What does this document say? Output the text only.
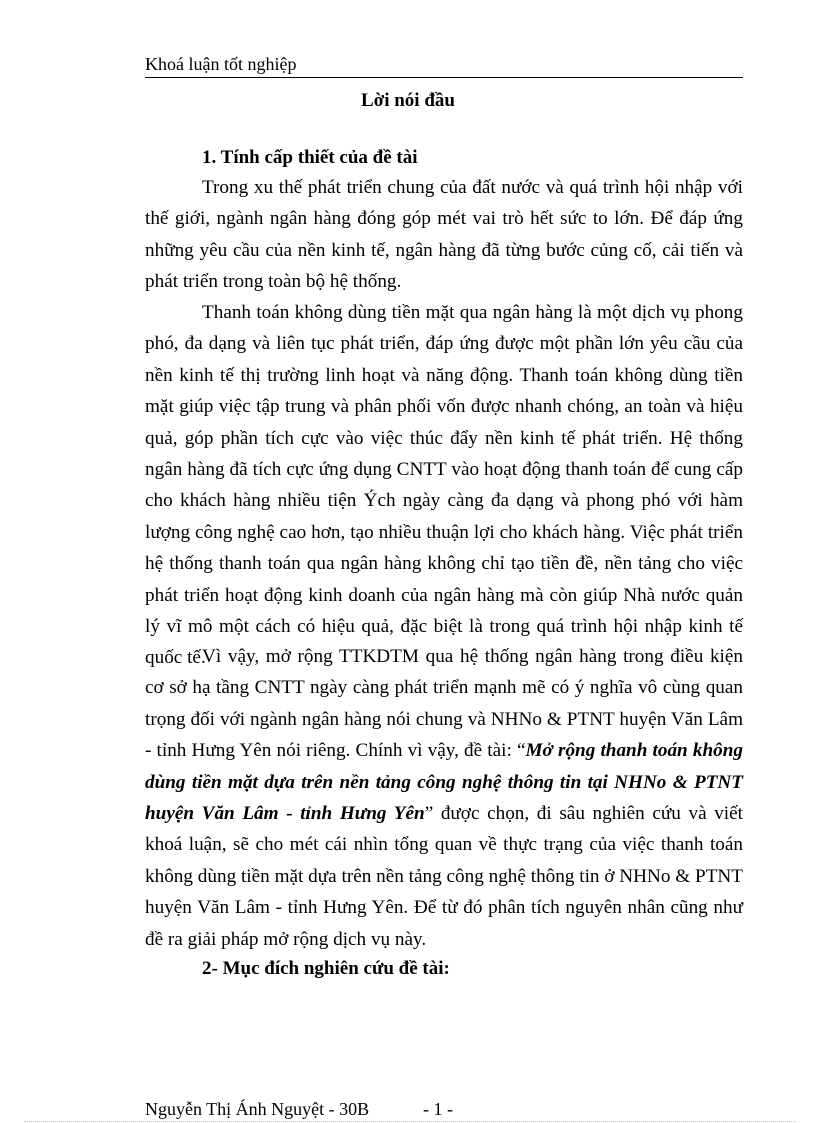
Khoá luận tốt nghiệp
Lời nói đầu
1. Tính cấp thiết của đề tài

Trong xu thế phát triển chung của đất nước và quá trình hội nhập với thế giới, ngành ngân hàng đóng góp mét vai trò hết sức to lớn. Để đáp ứng những yêu cầu của nền kinh tế, ngân hàng đã từng bước củng cố, cải tiến và phát triển trong toàn bộ hệ thống.

Thanh toán không dùng tiền mặt qua ngân hàng là một dịch vụ phong phó, đa dạng và liên tục phát triển, đáp ứng được một phần lớn yêu cầu của nền kinh tế thị trường linh hoạt và năng động. Thanh toán không dùng tiền mặt giúp việc tập trung và phân phối vốn được nhanh chóng, an toàn và hiệu quả, góp phần tích cực vào việc thúc đẩy nền kinh tế phát triển. Hệ thống ngân hàng đã tích cực ứng dụng CNTT vào hoạt động thanh toán để cung cấp cho khách hàng nhiều tiện Ých ngày càng đa dạng và phong phó với hàm lượng công nghệ cao hơn, tạo nhiều thuận lợi cho khách hàng. Việc phát triển hệ thống thanh toán qua ngân hàng không chỉ tạo tiền đề, nền tảng cho việc phát triển hoạt động kinh doanh của ngân hàng mà còn giúp Nhà nước quản lý vĩ mô một cách có hiệu quả, đặc biệt là trong quá trình hội nhập kinh tế quốc tế.

Vì vậy, mở rộng TTKDTM qua hệ thống ngân hàng trong điều kiện cơ sở hạ tầng CNTT ngày càng phát triển mạnh mẽ có ý nghĩa vô cùng quan trọng đối với ngành ngân hàng nói chung và NHNo & PTNT huyện Văn Lâm - tỉnh Hưng Yên nói riêng. Chính vì vậy, đề tài: “Mở rộng thanh toán không dùng tiền mặt dựa trên nền tảng công nghệ thông tin tại NHNo & PTNT huyện Văn Lâm - tỉnh Hưng Yên” được chọn, đi sâu nghiên cứu và viết khoá luận, sẽ cho mét cái nhìn tổng quan về thực trạng của việc thanh toán không dùng tiền mặt dựa trên nền tảng công nghệ thông tin ở NHNo & PTNT huyện Văn Lâm - tỉnh Hưng Yên. Để từ đó phân tích nguyên nhân cũng như đề ra giải pháp mở rộng dịch vụ này.

2- Mục đích nghiên cứu đề tài:
Nguyễn Thị Ánh Nguyệt - 30B	- 1 -
